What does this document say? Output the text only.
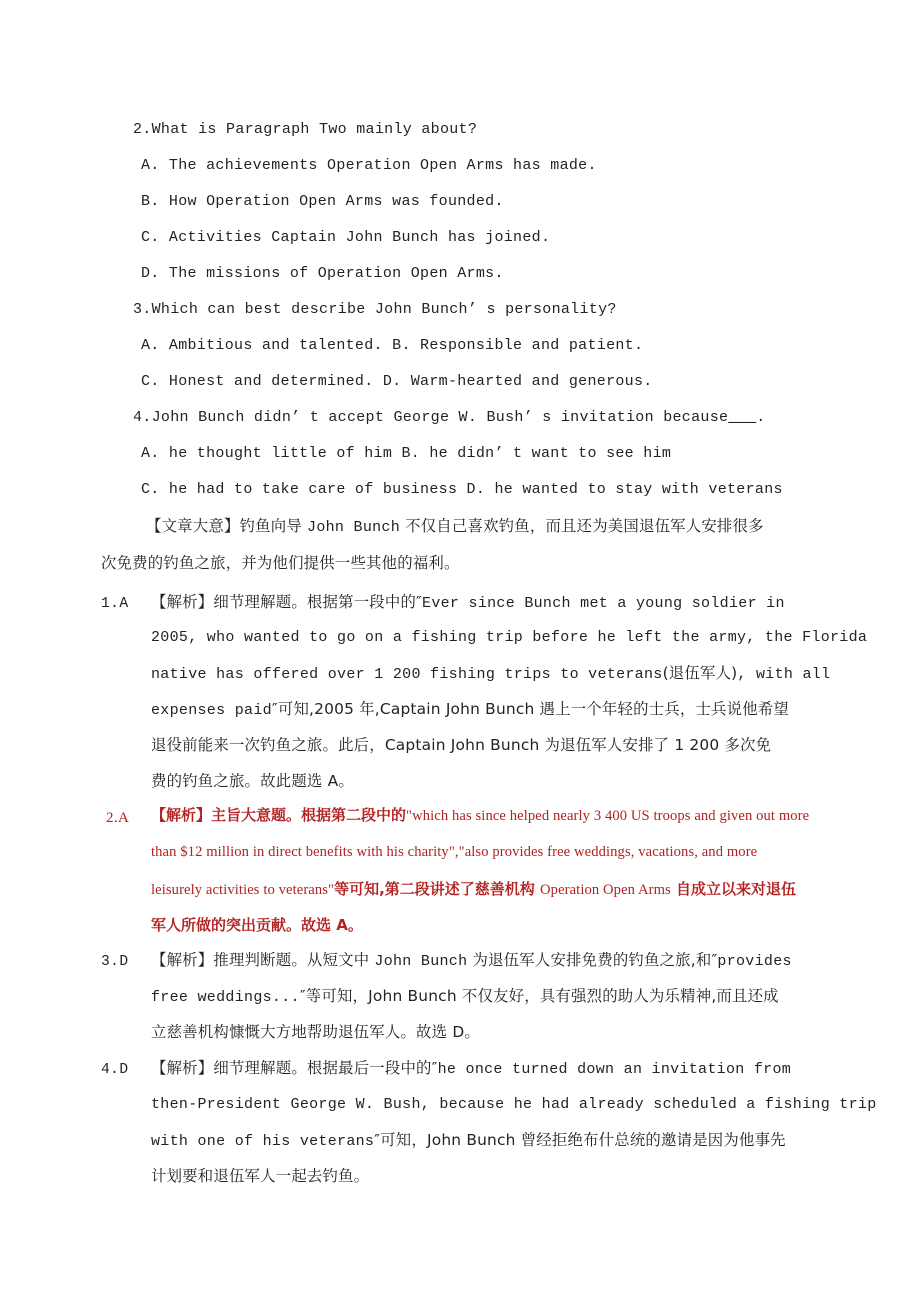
2.What is Paragraph Two mainly about?
A. The achievements Operation Open Arms has made.
B. How Operation Open Arms was founded.
C. Activities Captain John Bunch has joined.
D. The missions of Operation Open Arms.
3.Which can best describe John Bunch’ s personality?
A. Ambitious and talented. B. Responsible and patient.
C. Honest and determined. D. Warm-hearted and generous.
4.John Bunch didn’ t accept George W. Bush’ s invitation because___.
A. he thought little of him B. he didn’ t want to see him
C. he had to take care of business D. he wanted to stay with veterans
【文章大意】 钓鱼向导 John Bunch 不仅自己喜欢钓鱼，而且还为美国退伍军人安排很多
次免费的钓鱼之旅，并为他们提供一些其他的福利。
1.A 【解析】 细节理解题。 根据第一段中的″ Ever since Bunch met a young soldier in
2005, who wanted to go on a fishing trip before he left the army, the Florida
native has offered over 1 200 fishing trips to veterans (退伍军人) , with all
expenses paid ″可知,2005 年,Captain John Bunch 遇上一个年轻的士兵，士兵说他希望
退役前能来一次钓鱼之旅。此后，Captain John Bunch 为退伍军人安排了 1 200 多次免
费的钓鱼之旅。故此题选 A。
2.A 【解析】 主旨大意题。 根据第二段中的 "which has since helped nearly 3 400 US troops and given out more
than $12 million in direct benefits with his charity","also provides free weddings, vacations, and more
leisurely activities to veterans" 等可知,第二段讲述了慈善机构 Operation Open Arms 自成立以来对退伍
军人所做的突出贡献。故选 A。
3.D 【解析】 推理判断题。 从短文中 John Bunch 为退伍军人安排免费的钓鱼之旅,和″ provides
free weddings... ″等可知，John Bunch 不仅友好，具有强烈的助人为乐精神,而且还成
立慈善机构慷慨大方地帮助退伍军人。故选 D。
4.D 【解析】 细节理解题。 根据最后一段中的″ he once turned down an invitation from
then-President George W. Bush, because he had already scheduled a fishing trip
with one of his veterans ″可知，John Bunch 曾经拒绝布什总统的邀请是因为他事先
计划要和退伍军人一起去钓鱼。
